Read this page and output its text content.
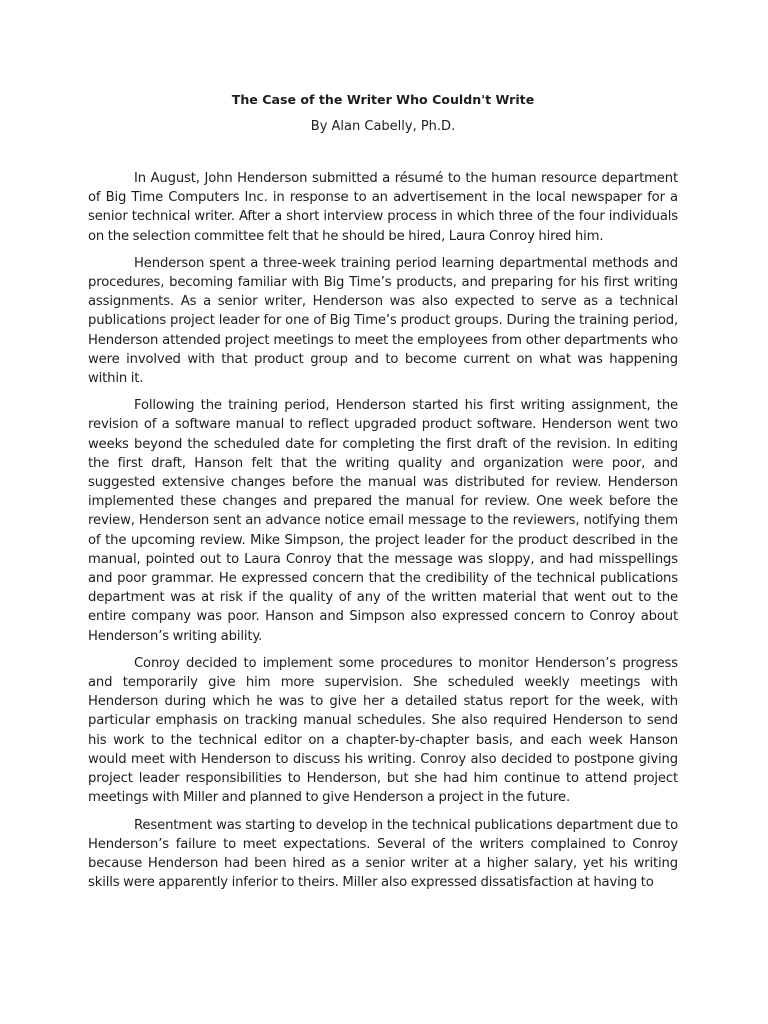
The Case of the Writer Who Couldn't Write
By Alan Cabelly, Ph.D.

In August, John Henderson submitted a résumé to the human resource department of Big Time Computers Inc. in response to an advertisement in the local newspaper for a senior technical writer. After a short interview process in which three of the four individuals on the selection committee felt that he should be hired, Laura Conroy hired him.

Henderson spent a three-week training period learning departmental methods and procedures, becoming familiar with Big Time’s products, and preparing for his first writing assignments. As a senior writer, Henderson was also expected to serve as a technical publications project leader for one of Big Time’s product groups. During the training period, Henderson attended project meetings to meet the employees from other departments who were involved with that product group and to become current on what was happening within it.

Following the training period, Henderson started his first writing assignment, the revision of a software manual to reflect upgraded product software. Henderson went two weeks beyond the scheduled date for completing the first draft of the revision. In editing the first draft, Hanson felt that the writing quality and organization were poor, and suggested extensive changes before the manual was distributed for review. Henderson implemented these changes and prepared the manual for review. One week before the review, Henderson sent an advance notice email message to the reviewers, notifying them of the upcoming review. Mike Simpson, the project leader for the product described in the manual, pointed out to Laura Conroy that the message was sloppy, and had misspellings and poor grammar. He expressed concern that the credibility of the technical publications department was at risk if the quality of any of the written material that went out to the entire company was poor. Hanson and Simpson also expressed concern to Conroy about Henderson’s writing ability.

Conroy decided to implement some procedures to monitor Henderson’s progress and temporarily give him more supervision. She scheduled weekly meetings with Henderson during which he was to give her a detailed status report for the week, with particular emphasis on tracking manual schedules. She also required Henderson to send his work to the technical editor on a chapter-by-chapter basis, and each week Hanson would meet with Henderson to discuss his writing. Conroy also decided to postpone giving project leader responsibilities to Henderson, but she had him continue to attend project meetings with Miller and planned to give Henderson a project in the future.

Resentment was starting to develop in the technical publications department due to Henderson’s failure to meet expectations. Several of the writers complained to Conroy because Henderson had been hired as a senior writer at a higher salary, yet his writing skills were apparently inferior to theirs. Miller also expressed dissatisfaction at having to
